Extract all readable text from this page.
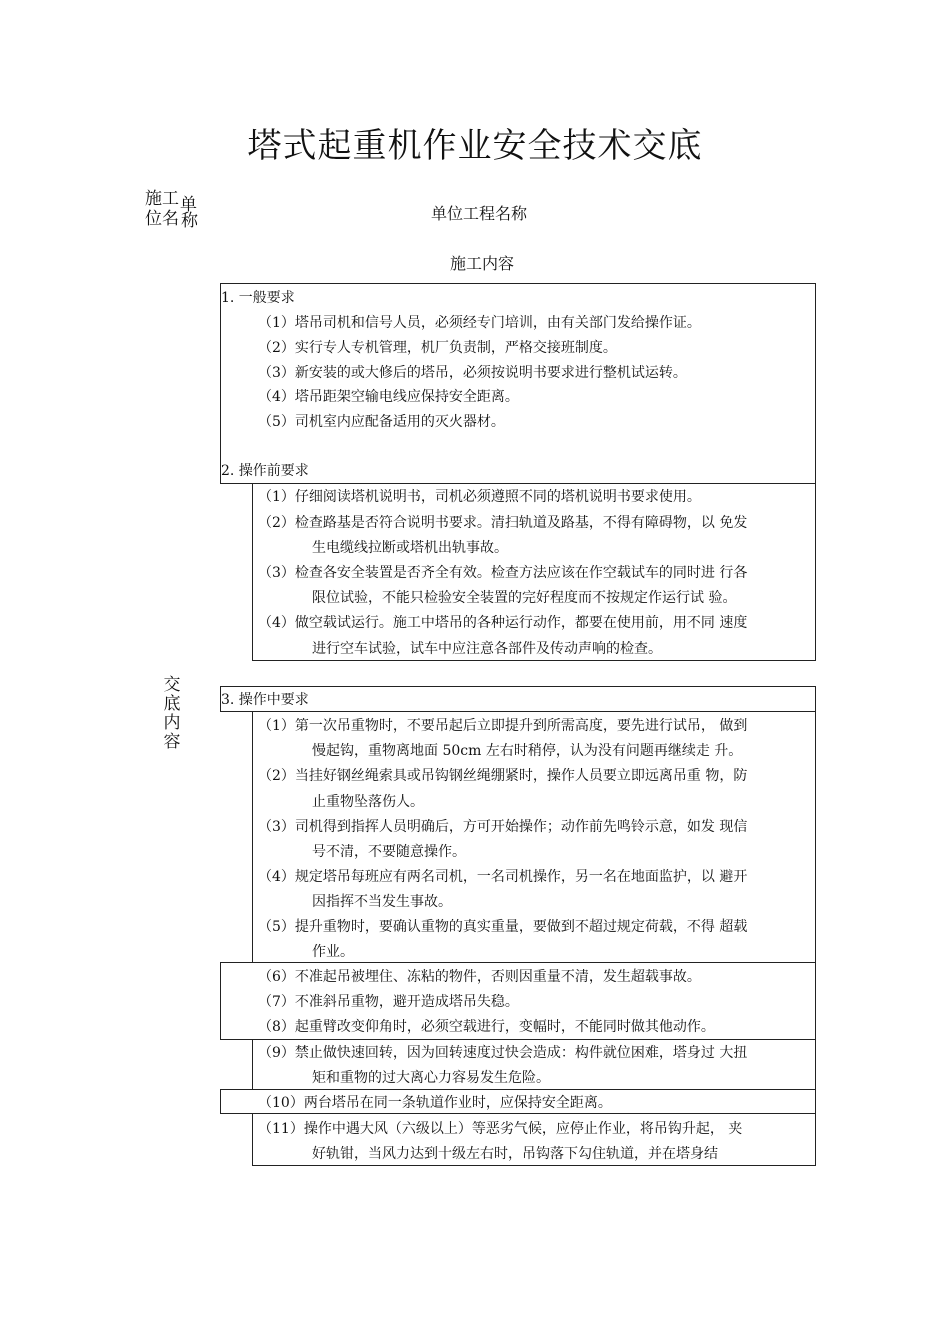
塔式起重机作业安全技术交底
施工
位名
单
称	单位工程名称
施工内容
交
底
内
容
1. 一般要求
（1）塔吊司机和信号人员，必须经专门培训，由有关部门发给操作证。
（2）实行专人专机管理，机厂负责制，严格交接班制度。
（3）新安装的或大修后的塔吊，必须按说明书要求进行整机试运转。
（4）塔吊距架空输电线应保持安全距离。
（5）司机室内应配备适用的灭火器材。
2. 操作前要求
（1）仔细阅读塔机说明书，司机必须遵照不同的塔机说明书要求使用。
（2）检查路基是否符合说明书要求。清扫轨道及路基，不得有障碍物，以 免发
生电缆线拉断或塔机出轨事故。
（3）检查各安全装置是否齐全有效。检查方法应该在作空载试车的同时进 行各
限位试验，不能只检验安全装置的完好程度而不按规定作运行试 验。
（4）做空载试运行。施工中塔吊的各种运行动作，都要在使用前，用不同 速度
进行空车试验，试车中应注意各部件及传动声响的检查。
3. 操作中要求
（1）第一次吊重物时，不要吊起后立即提升到所需高度，要先进行试吊， 做到
慢起钩，重物离地面 50cm 左右时稍停，认为没有问题再继续走 升。
（2）当挂好钢丝绳索具或吊钩钢丝绳绷紧时，操作人员要立即远离吊重 物，防
止重物坠落伤人。
（3）司机得到指挥人员明确后，方可开始操作；动作前先鸣铃示意，如发 现信
号不清，不要随意操作。
（4）规定塔吊每班应有两名司机，一名司机操作，另一名在地面监护，以 避开
因指挥不当发生事故。
（5）提升重物时，要确认重物的真实重量，要做到不超过规定荷载，不得 超载
作业。
（6）不准起吊被埋住、冻粘的物件，否则因重量不清，发生超载事故。
（7）不准斜吊重物，避开造成塔吊失稳。
（8）起重臂改变仰角时，必须空载进行，变幅时，不能同时做其他动作。
（9）禁止做快速回转，因为回转速度过快会造成：构件就位困难，塔身过 大扭
矩和重物的过大离心力容易发生危险。
（10）两台塔吊在同一条轨道作业时，应保持安全距离。
（11）操作中遇大风（六级以上）等恶劣气候，应停止作业，将吊钩升起， 夹
好轨钳，当风力达到十级左右时，吊钩落下勾住轨道，并在塔身结
